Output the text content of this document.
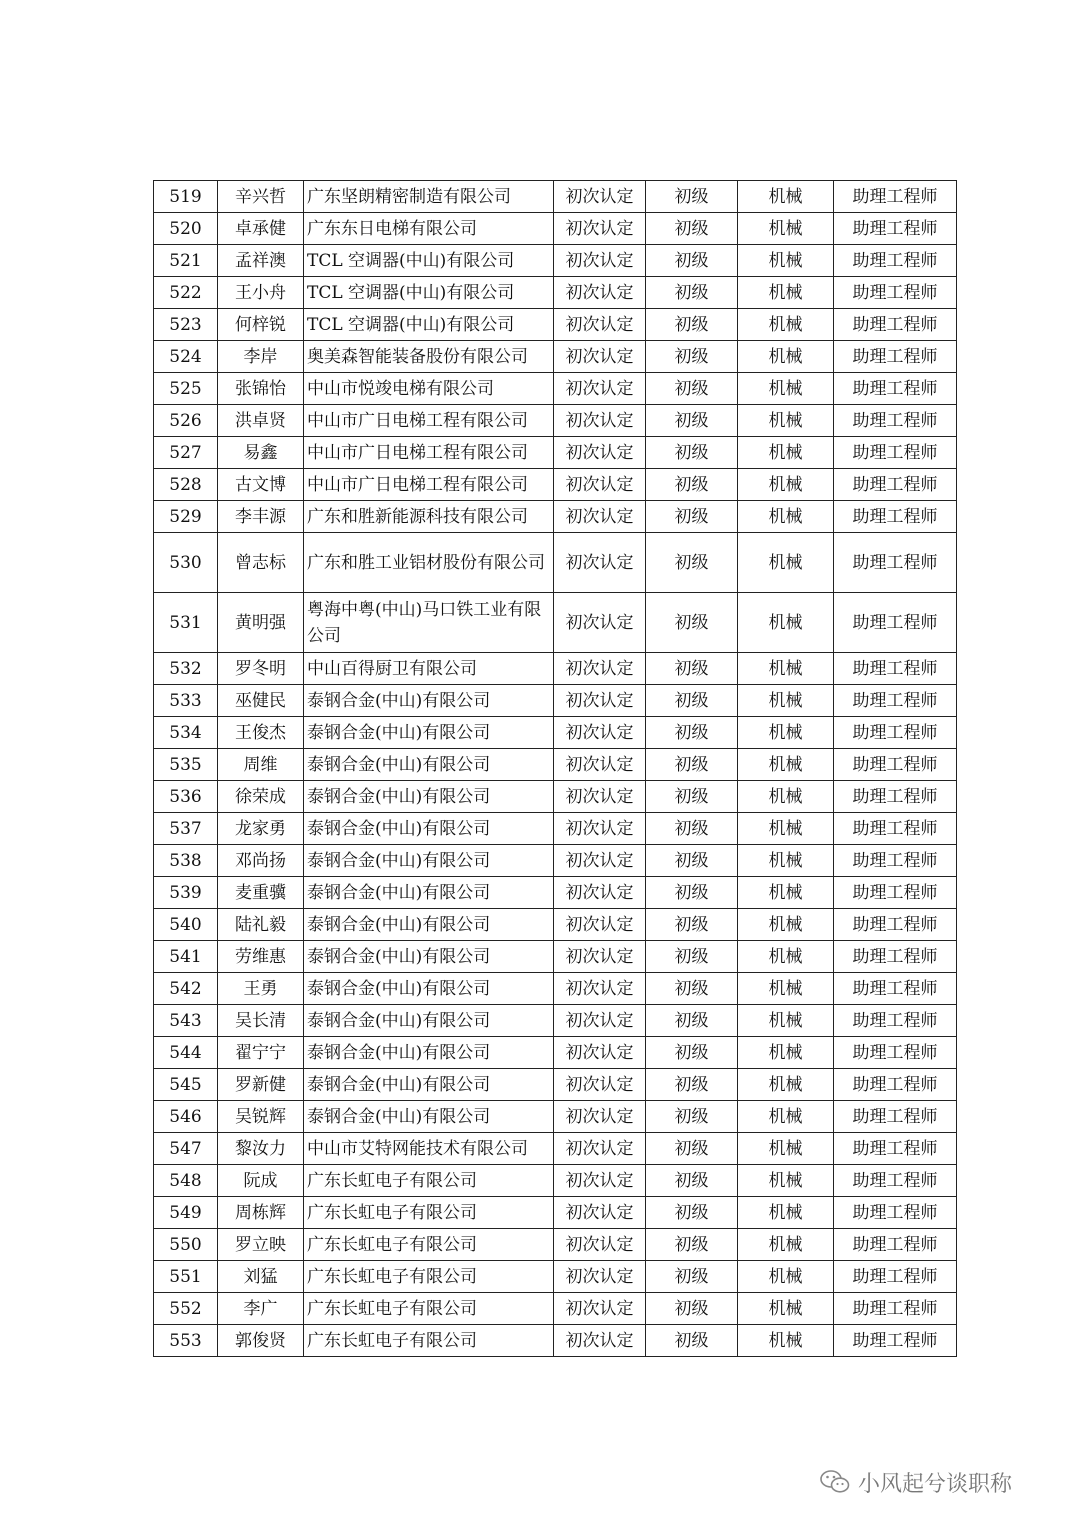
519	辛兴哲	广东坚朗精密制造有限公司	初次认定	初级	机械	助理工程师
520	卓承健	广东东日电梯有限公司	初次认定	初级	机械	助理工程师
521	孟祥澳	TCL 空调器(中山)有限公司	初次认定	初级	机械	助理工程师
522	王小舟	TCL 空调器(中山)有限公司	初次认定	初级	机械	助理工程师
523	何梓锐	TCL 空调器(中山)有限公司	初次认定	初级	机械	助理工程师
524	李岸	奥美森智能装备股份有限公司	初次认定	初级	机械	助理工程师
525	张锦怡	中山市悦竣电梯有限公司	初次认定	初级	机械	助理工程师
526	洪卓贤	中山市广日电梯工程有限公司	初次认定	初级	机械	助理工程师
527	易鑫	中山市广日电梯工程有限公司	初次认定	初级	机械	助理工程师
528	古文博	中山市广日电梯工程有限公司	初次认定	初级	机械	助理工程师
529	李丰源	广东和胜新能源科技有限公司	初次认定	初级	机械	助理工程师
530	曾志标	广东和胜工业铝材股份有限公司	初次认定	初级	机械	助理工程师
531	黄明强	粤海中粤(中山)马口铁工业有限公司	初次认定	初级	机械	助理工程师
532	罗冬明	中山百得厨卫有限公司	初次认定	初级	机械	助理工程师
533	巫健民	泰钢合金(中山)有限公司	初次认定	初级	机械	助理工程师
534	王俊杰	泰钢合金(中山)有限公司	初次认定	初级	机械	助理工程师
535	周维	泰钢合金(中山)有限公司	初次认定	初级	机械	助理工程师
536	徐荣成	泰钢合金(中山)有限公司	初次认定	初级	机械	助理工程师
537	龙家勇	泰钢合金(中山)有限公司	初次认定	初级	机械	助理工程师
538	邓尚扬	泰钢合金(中山)有限公司	初次认定	初级	机械	助理工程师
539	麦重骥	泰钢合金(中山)有限公司	初次认定	初级	机械	助理工程师
540	陆礼毅	泰钢合金(中山)有限公司	初次认定	初级	机械	助理工程师
541	劳维惠	泰钢合金(中山)有限公司	初次认定	初级	机械	助理工程师
542	王勇	泰钢合金(中山)有限公司	初次认定	初级	机械	助理工程师
543	吴长清	泰钢合金(中山)有限公司	初次认定	初级	机械	助理工程师
544	翟宁宁	泰钢合金(中山)有限公司	初次认定	初级	机械	助理工程师
545	罗新健	泰钢合金(中山)有限公司	初次认定	初级	机械	助理工程师
546	吴锐辉	泰钢合金(中山)有限公司	初次认定	初级	机械	助理工程师
547	黎汝力	中山市艾特网能技术有限公司	初次认定	初级	机械	助理工程师
548	阮成	广东长虹电子有限公司	初次认定	初级	机械	助理工程师
549	周栋辉	广东长虹电子有限公司	初次认定	初级	机械	助理工程师
550	罗立映	广东长虹电子有限公司	初次认定	初级	机械	助理工程师
551	刘猛	广东长虹电子有限公司	初次认定	初级	机械	助理工程师
552	李广	广东长虹电子有限公司	初次认定	初级	机械	助理工程师
553	郭俊贤	广东长虹电子有限公司	初次认定	初级	机械	助理工程师
小风起兮谈职称
